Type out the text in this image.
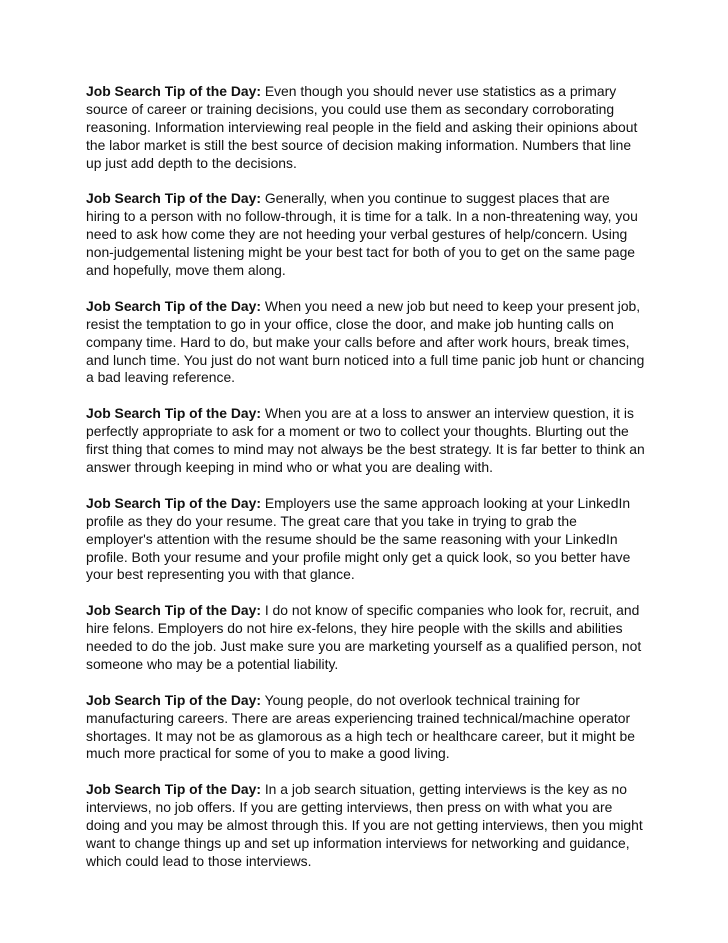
Job Search Tip of the Day: Even though you should never use statistics as a primary source of career or training decisions, you could use them as secondary corroborating reasoning. Information interviewing real people in the field and asking their opinions about the labor market is still the best source of decision making information. Numbers that line up just add depth to the decisions.

Job Search Tip of the Day: Generally, when you continue to suggest places that are hiring to a person with no follow-through, it is time for a talk. In a non-threatening way, you need to ask how come they are not heeding your verbal gestures of help/concern. Using non-judgemental listening might be your best tact for both of you to get on the same page and hopefully, move them along.

Job Search Tip of the Day: When you need a new job but need to keep your present job, resist the temptation to go in your office, close the door, and make job hunting calls on company time. Hard to do, but make your calls before and after work hours, break times, and lunch time. You just do not want burn noticed into a full time panic job hunt or chancing a bad leaving reference.

Job Search Tip of the Day: When you are at a loss to answer an interview question, it is perfectly appropriate to ask for a moment or two to collect your thoughts. Blurting out the first thing that comes to mind may not always be the best strategy. It is far better to think an answer through keeping in mind who or what you are dealing with.

Job Search Tip of the Day: Employers use the same approach looking at your LinkedIn profile as they do your resume. The great care that you take in trying to grab the employer's attention with the resume should be the same reasoning with your LinkedIn profile. Both your resume and your profile might only get a quick look, so you better have your best representing you with that glance.

Job Search Tip of the Day: I do not know of specific companies who look for, recruit, and hire felons. Employers do not hire ex-felons, they hire people with the skills and abilities needed to do the job. Just make sure you are marketing yourself as a qualified person, not someone who may be a potential liability.

Job Search Tip of the Day: Young people, do not overlook technical training for manufacturing careers. There are areas experiencing trained technical/machine operator shortages. It may not be as glamorous as a high tech or healthcare career, but it might be much more practical for some of you to make a good living.

Job Search Tip of the Day: In a job search situation, getting interviews is the key as no interviews, no job offers. If you are getting interviews, then press on with what you are doing and you may be almost through this. If you are not getting interviews, then you might want to change things up and set up information interviews for networking and guidance, which could lead to those interviews.
